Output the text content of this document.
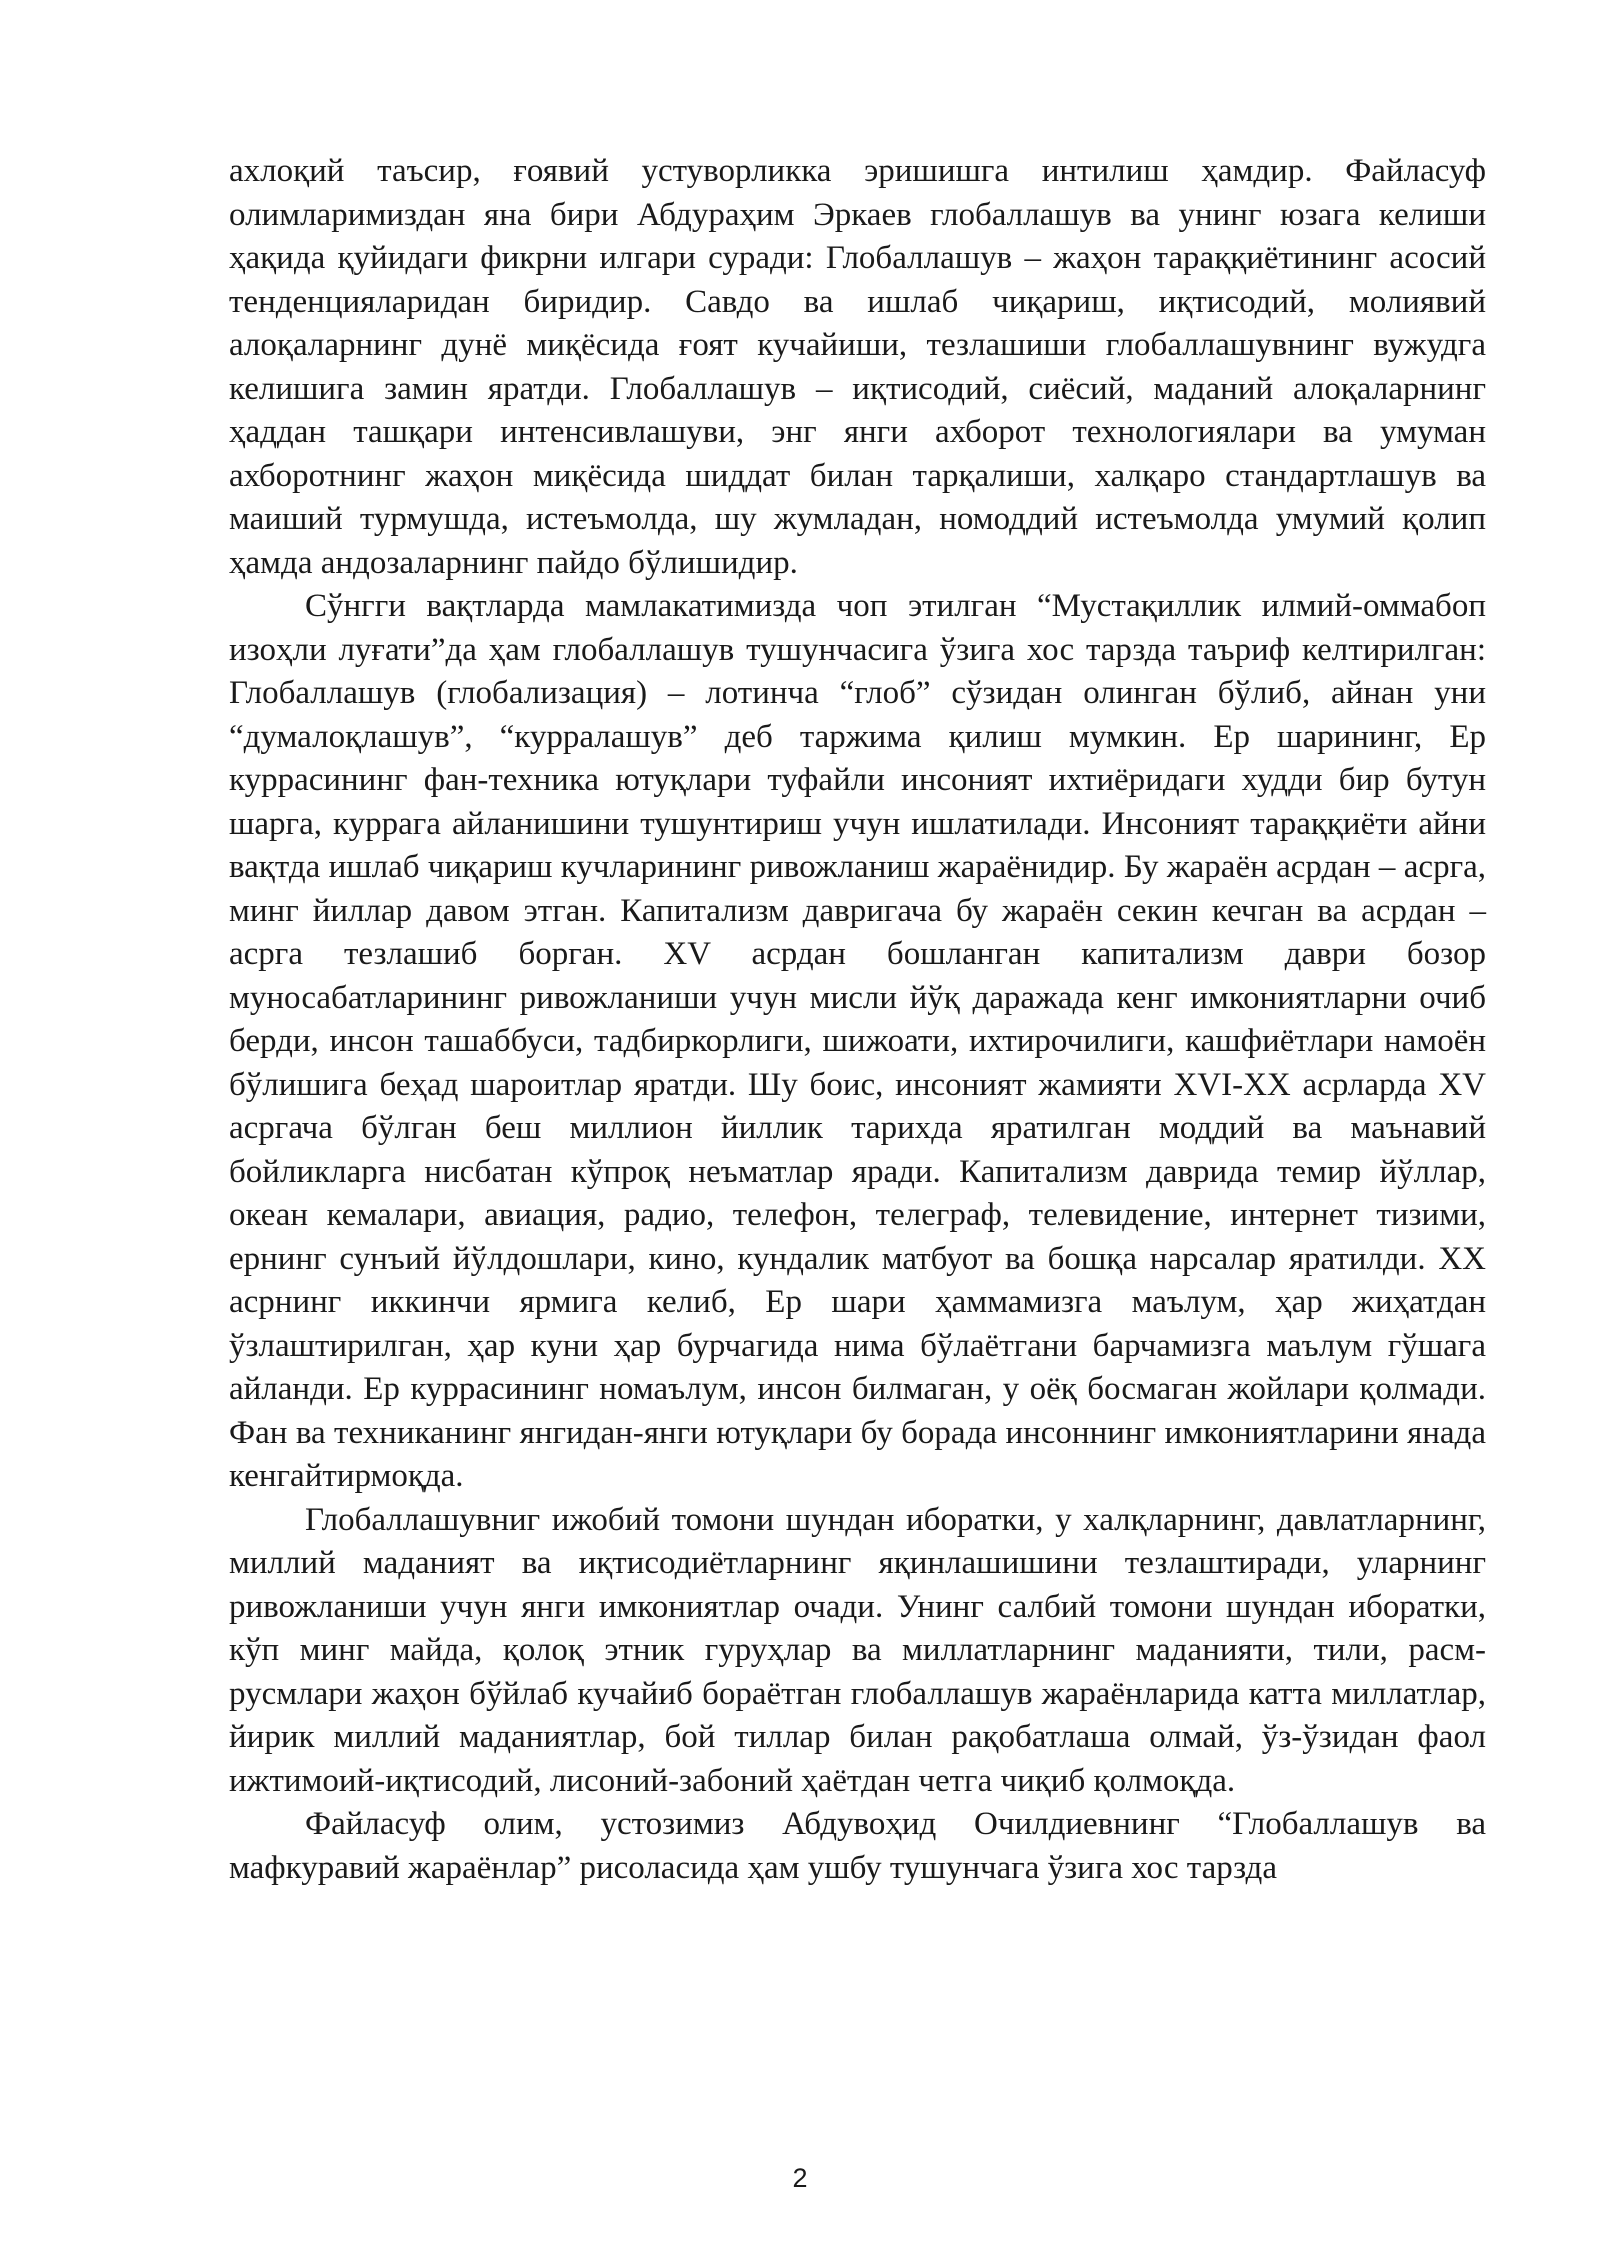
ахлоқий таъсир, ғоявий устуворликка эришишга интилиш ҳамдир. Файласуф олимларимиздан яна бири Абдураҳим Эркаев глобаллашув ва унинг юзага келиши ҳақида қуйидаги фикрни илгари суради: Глобаллашув – жаҳон тараққиётининг асосий тенденцияларидан биридир. Савдо ва ишлаб чиқариш, иқтисодий, молиявий алоқаларнинг дунё миқёсида ғоят кучайиши, тезлашиши глобаллашувнинг вужудга келишига замин яратди. Глобаллашув – иқтисодий, сиёсий, маданий алоқаларнинг ҳаддан ташқари интенсивлашуви, энг янги ахборот технологиялари ва умуман ахборотнинг жаҳон миқёсида шиддат билан тарқалиши, халқаро стандартлашув ва маиший турмушда, истеъмолда, шу жумладан, номоддий истеъмолда умумий қолип ҳамда андозаларнинг пайдо бўлишидир.

Сўнгги вақтларда мамлакатимизда чоп этилган “Мустақиллик илмий-оммабоп изоҳли луғати”да ҳам глобаллашув тушунчасига ўзига хос тарзда таъриф келтирилган: Глобаллашув (глобализация) – лотинча “глоб” сўзидан олинган бўлиб, айнан уни “думалоқлашув”, “курралашув” деб таржима қилиш мумкин. Ер шарининг, Ер куррасининг фан-техника ютуқлари туфайли инсоният ихтиёридаги худди бир бутун шарга, куррага айланишини тушунтириш учун ишлатилади. Инсоният тараққиёти айни вақтда ишлаб чиқариш кучларининг ривожланиш жараёнидир. Бу жараён асрдан – асрга, минг йиллар давом этган. Капитализм давригача бу жараён секин кечган ва асрдан – асрга тезлашиб борган. XV асрдан бошланган капитализм даври бозор муносабатларининг ривожланиши учун мисли йўқ даражада кенг имкониятларни очиб берди, инсон ташаббуси, тадбиркорлиги, шижоати, ихтирочилиги, кашфиётлари намоён бўлишига беҳад шароитлар яратди. Шу боис, инсоният жамияти XVI-XX асрларда XV асргача бўлган беш миллион йиллик тарихда яратилган моддий ва маънавий бойликларга нисбатан кўпроқ неъматлар яради. Капитализм даврида темир йўллар, океан кемалари, авиация, радио, телефон, телеграф, телевидение, интернет тизими, ернинг сунъий йўлдошлари, кино, кундалик матбуот ва бошқа нарсалар яратилди. XX асрнинг иккинчи ярмига келиб, Ер шари ҳаммамизга маълум, ҳар жиҳатдан ўзлаштирилган, ҳар куни ҳар бурчагида нима бўлаётгани барчамизга маълум гўшага айланди. Ер куррасининг номаълум, инсон билмаган, у оёқ босмаган жойлари қолмади. Фан ва техниканинг янгидан-янги ютуқлари бу борада инсоннинг имкониятларини янада кенгайтирмоқда.

Глобаллашувниг ижобий томони шундан иборатки, у халқларнинг, давлатларнинг, миллий маданият ва иқтисодиётларнинг яқинлашишини тезлаштиради, уларнинг ривожланиши учун янги имкониятлар очади. Унинг салбий томони шундан иборатки, кўп минг майда, қолоқ этник гуруҳлар ва миллатларнинг маданияти, тили, расм-русмлари жаҳон бўйлаб кучайиб бораётган глобаллашув жараёнларида катта миллатлар, йирик миллий маданиятлар, бой тиллар билан рақобатлаша олмай, ўз-ўзидан фаол ижтимоий-иқтисодий, лисоний-забоний ҳаётдан четга чиқиб қолмоқда.

Файласуф олим, устозимиз Абдувоҳид Очилдиевнинг “Глобаллашув ва мафкуравий жараёнлар” рисоласида ҳам ушбу тушунчага ўзига хос тарзда

2
